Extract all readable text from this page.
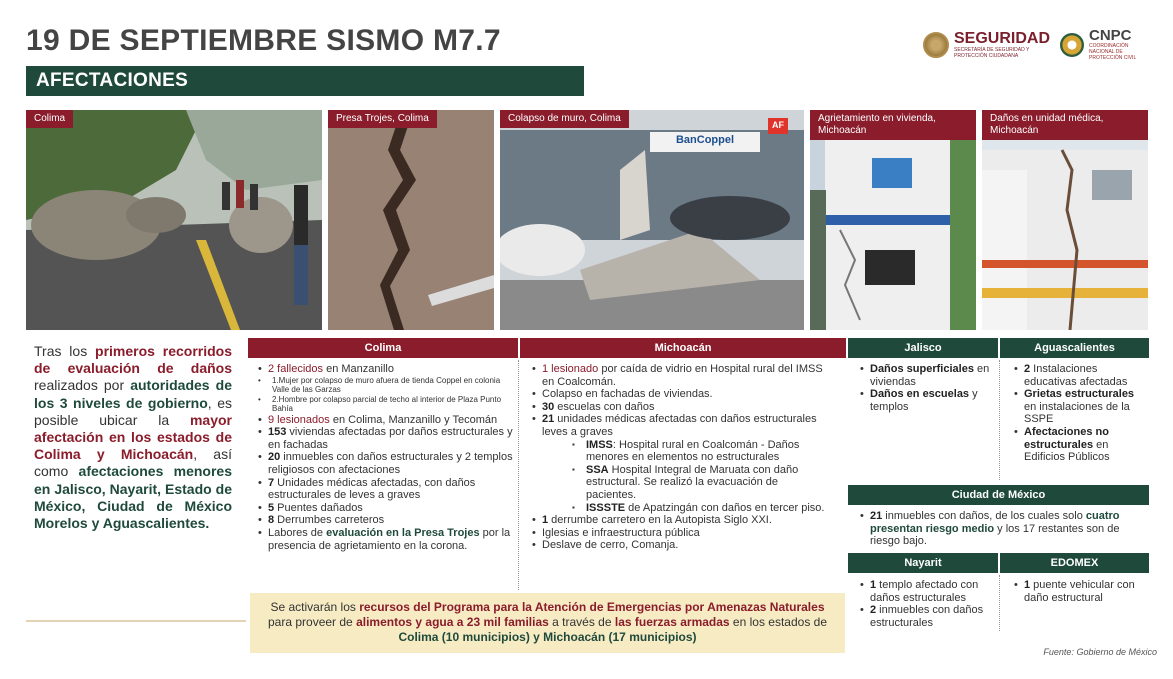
19 DE SEPTIEMBRE SISMO M7.7
AFECTACIONES
SEGURIDAD
SECRETARÍA DE SEGURIDAD Y PROTECCIÓN CIUDADANA
CNPC
COORDINACIÓN NACIONAL DE PROTECCIÓN CIVIL
Colima	Presa Trojes, Colima
BanCoppel
AF
Colapso de muro, Colima	Agrietamiento en vivienda, Michoacán
Daños en unidad médica, Michoacán
Tras los primeros recorridos de evaluación de daños realizados por autoridades de los 3 niveles de gobierno, es posible ubicar la mayor afectación en los estados de Colima y Michoacán, así como afectaciones menores en Jalisco, Nayarit, Estado de México, Ciudad de México Morelos y Aguascalientes.
Colima	Michoacán	Jalisco	Aguascalientes
Ciudad de México
Nayarit	EDOMEX
• 2 fallecidos en Manzanillo
• 1.Mujer por colapso de muro afuera de tienda Coppel en colonia Valle de las Garzas
• 2.Hombre por colapso parcial de techo al interior de Plaza Punto Bahía
• 9 lesionados en Colima, Manzanillo y Tecomán
• 153 viviendas afectadas por daños estructurales y en fachadas
• 20 inmuebles con daños estructurales y 2 templos religiosos con afectaciones
• 7 Unidades médicas afectadas, con daños estructurales de leves a graves
• 5 Puentes dañados
• 8 Derrumbes carreteros
• Labores de evaluación en la Presa Trojes por la presencia de agrietamiento en la corona.
• 1 lesionado por caída de vidrio en Hospital rural del IMSS en Coalcomán.
• Colapso en fachadas de viviendas.
• 30 escuelas con daños
• 21 unidades médicas afectadas con daños estructurales leves a graves
▪ IMSS: Hospital rural en Coalcomán - Daños menores en elementos no estructurales
▪ SSA Hospital Integral de Maruata con daño estructural. Se realizó la evacuación de pacientes.
▪ ISSSTE de Apatzingán con daños en tercer piso.
• 1 derrumbe carretero en la Autopista Siglo XXI.
• Iglesias e infraestructura pública
• Deslave de cerro, Comanja.
• Daños superficiales en viviendas
• Daños en escuelas y templos
• 2 Instalaciones educativas afectadas
• Grietas estructurales en instalaciones de la SSPE
• Afectaciones no estructurales en Edificios Públicos
• 21 inmuebles con daños, de los cuales solo cuatro presentan riesgo medio y los 17 restantes son de riesgo bajo.
• 1 templo afectado con daños estructurales
• 2 inmuebles con daños estructurales
• 1 puente vehicular con daño estructural
Se activarán los recursos del Programa para la Atención de Emergencias por Amenazas Naturales para proveer de alimentos y agua a 23 mil familias a través de las fuerzas armadas en los estados de Colima (10 municipios) y Michoacán (17 municipios)
Fuente: Gobierno de México
